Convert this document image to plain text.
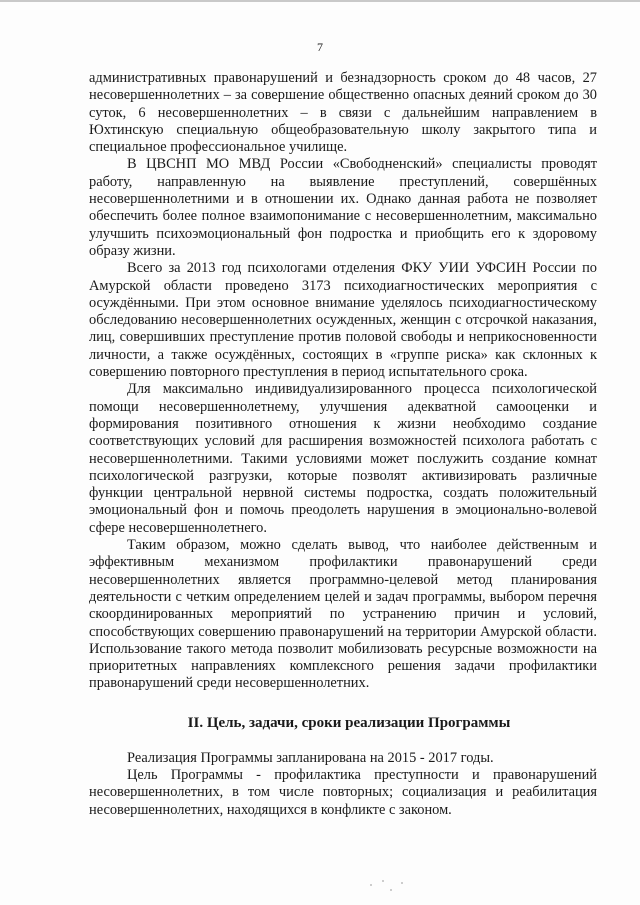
7

административных правонарушений и безнадзорность сроком до 48 часов, 27 несовершеннолетних – за совершение общественно опасных деяний сроком до 30 суток, 6 несовершеннолетних – в связи с дальнейшим направлением в Юхтинскую специальную общеобразовательную школу закрытого типа и специальное профессиональное училище.

В ЦВСНП МО МВД России «Свободненский» специалисты проводят работу, направленную на выявление преступлений, совершённых несовершеннолетними и в отношении их. Однако данная работа не позволяет обеспечить более полное взаимопонимание с несовершеннолетним, максимально улучшить психоэмоциональный фон подростка и приобщить его к здоровому образу жизни.

Всего за 2013 год психологами отделения ФКУ УИИ УФСИН России по Амурской области проведено 3173 психодиагностических мероприятия с осуждёнными. При этом основное внимание уделялось психодиагностическому обследованию несовершеннолетних осужденных, женщин с отсрочкой наказания, лиц, совершивших преступление против половой свободы и неприкосновенности личности, а также осуждённых, состоящих в «группе риска» как склонных к совершению повторного преступления в период испытательного срока.

Для максимально индивидуализированного процесса психологической помощи несовершеннолетнему, улучшения адекватной самооценки и формирования позитивного отношения к жизни необходимо создание соответствующих условий для расширения возможностей психолога работать с несовершеннолетними. Такими условиями может послужить создание комнат психологической разгрузки, которые позволят активизировать различные функции центральной нервной системы подростка, создать положительный эмоциональный фон и помочь преодолеть нарушения в эмоционально-волевой сфере несовершеннолетнего.

Таким образом, можно сделать вывод, что наиболее действенным и эффективным механизмом профилактики правонарушений среди несовершеннолетних является программно-целевой метод планирования деятельности с четким определением целей и задач программы, выбором перечня скоординированных мероприятий по устранению причин и условий, способствующих совершению правонарушений на территории Амурской области. Использование такого метода позволит мобилизовать ресурсные возможности на приоритетных направлениях комплексного решения задачи профилактики правонарушений среди несовершеннолетних.

II. Цель, задачи, сроки реализации Программы

Реализация Программы запланирована на 2015 - 2017 годы.

Цель Программы - профилактика преступности и правонарушений несовершеннолетних, в том числе повторных; социализация и реабилитация несовершеннолетних, находящихся в конфликте с законом.
